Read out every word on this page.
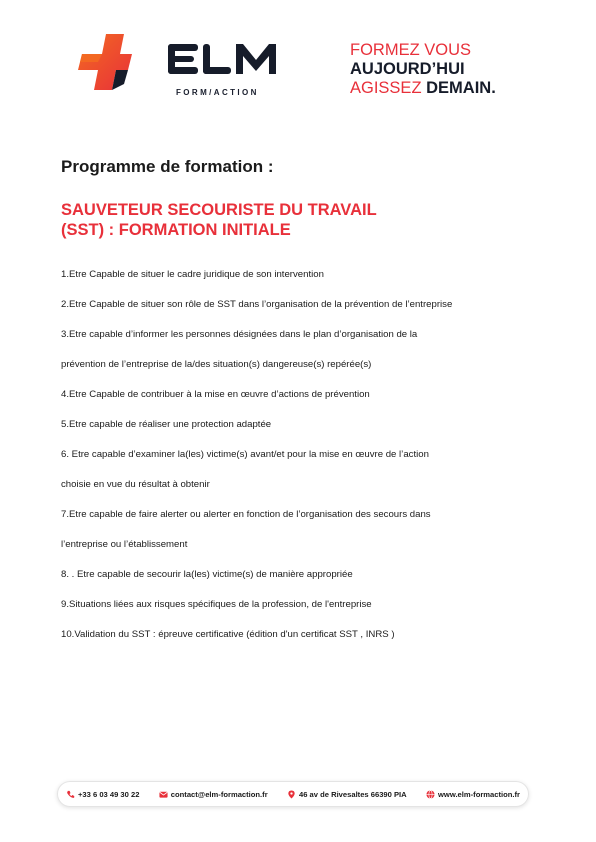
FORM/ACTION
FORMEZ VOUS
AUJOURD’HUI
AGISSEZ DEMAIN.
Programme de formation :
SAUVETEUR SECOURISTE DU TRAVAIL
(SST) : FORMATION INITIALE
1.Etre Capable de situer le cadre juridique de son intervention
2.Etre Capable de situer son rôle de SST dans l’organisation de la prévention de l’entreprise
3.Etre capable d’informer les personnes désignées dans le plan d’organisation de la
prévention de l’entreprise de la/des situation(s) dangereuse(s) repérée(s)
4.Etre Capable de contribuer à la mise en œuvre d’actions de prévention
5.Etre capable de réaliser une protection adaptée
6. Etre capable d’examiner la(les) victime(s) avant/et pour la mise en œuvre de l’action
choisie en vue du résultat à obtenir
7.Etre capable de faire alerter ou alerter en fonction de l’organisation des secours dans
l’entreprise ou l’établissement
8. . Etre capable de secourir la(les) victime(s) de manière appropriée
9.Situations liées aux risques spécifiques de la profession, de l'entreprise
10.Validation du SST : épreuve certificative (édition d'un certificat SST , INRS )
+33 6 03 49 30 22	contact@elm-formaction.fr	46 av de Rivesaltes 66390 PIA	www.elm-formaction.fr
